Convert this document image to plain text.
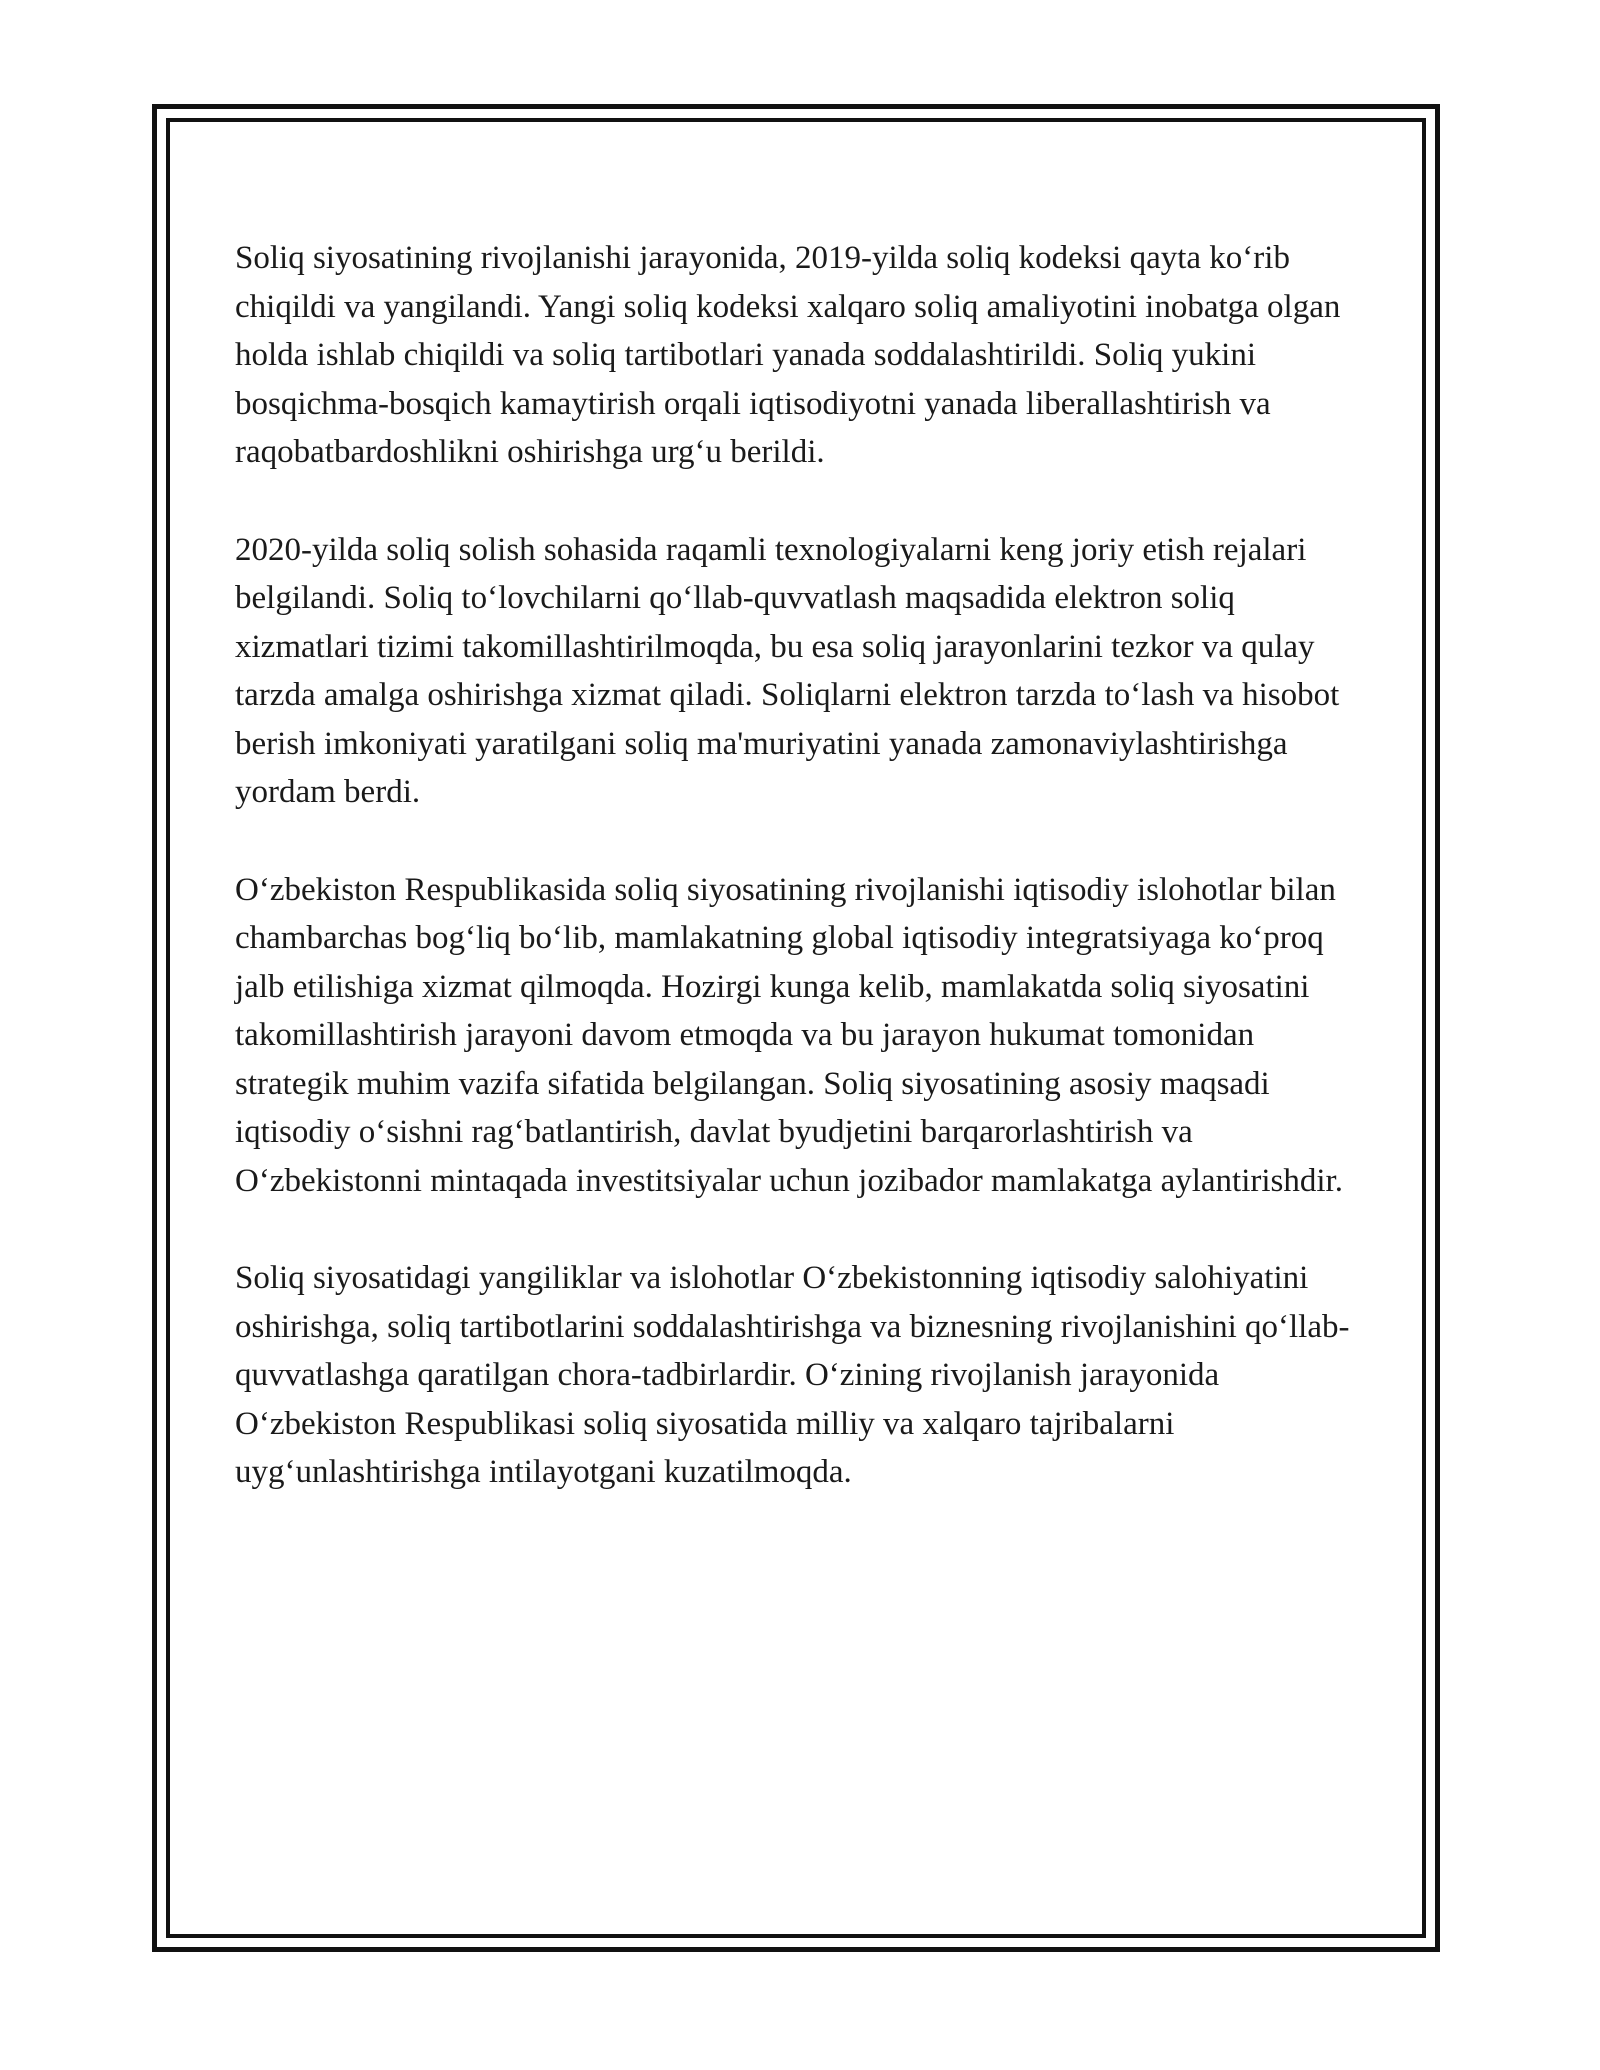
Soliq siyosatining rivojlanishi jarayonida, 2019-yilda soliq kodeksi qayta ko‘rib chiqildi va yangilandi. Yangi soliq kodeksi xalqaro soliq amaliyotini inobatga olgan holda ishlab chiqildi va soliq tartibotlari yanada soddalashtirildi. Soliq yukini bosqichma-bosqich kamaytirish orqali iqtisodiyotni yanada liberallashtirish va raqobatbardoshlikni oshirishga urg‘u berildi.

2020-yilda soliq solish sohasida raqamli texnologiyalarni keng joriy etish rejalari belgilandi. Soliq to‘lovchilarni qo‘llab-quvvatlash maqsadida elektron soliq xizmatlari tizimi takomillashtirilmoqda, bu esa soliq jarayonlarini tezkor va qulay tarzda amalga oshirishga xizmat qiladi. Soliqlarni elektron tarzda to‘lash va hisobot berish imkoniyati yaratilgani soliq ma'muriyatini yanada zamonaviylashtirishga yordam berdi.

O‘zbekiston Respublikasida soliq siyosatining rivojlanishi iqtisodiy islohotlar bilan chambarchas bog‘liq bo‘lib, mamlakatning global iqtisodiy integratsiyaga ko‘proq jalb etilishiga xizmat qilmoqda. Hozirgi kunga kelib, mamlakatda soliq siyosatini takomillashtirish jarayoni davom etmoqda va bu jarayon hukumat tomonidan strategik muhim vazifa sifatida belgilangan. Soliq siyosatining asosiy maqsadi iqtisodiy o‘sishni rag‘batlantirish, davlat byudjetini barqarorlashtirish va O‘zbekistonni mintaqada investitsiyalar uchun jozibador mamlakatga aylantirishdir.

Soliq siyosatidagi yangiliklar va islohotlar O‘zbekistonning iqtisodiy salohiyatini oshirishga, soliq tartibotlarini soddalashtirishga va biznesning rivojlanishini qo‘llab-quvvatlashga qaratilgan chora-tadbirlardir. O‘zining rivojlanish jarayonida O‘zbekiston Respublikasi soliq siyosatida milliy va xalqaro tajribalarni uyg‘unlashtirishga intilayotgani kuzatilmoqda.
